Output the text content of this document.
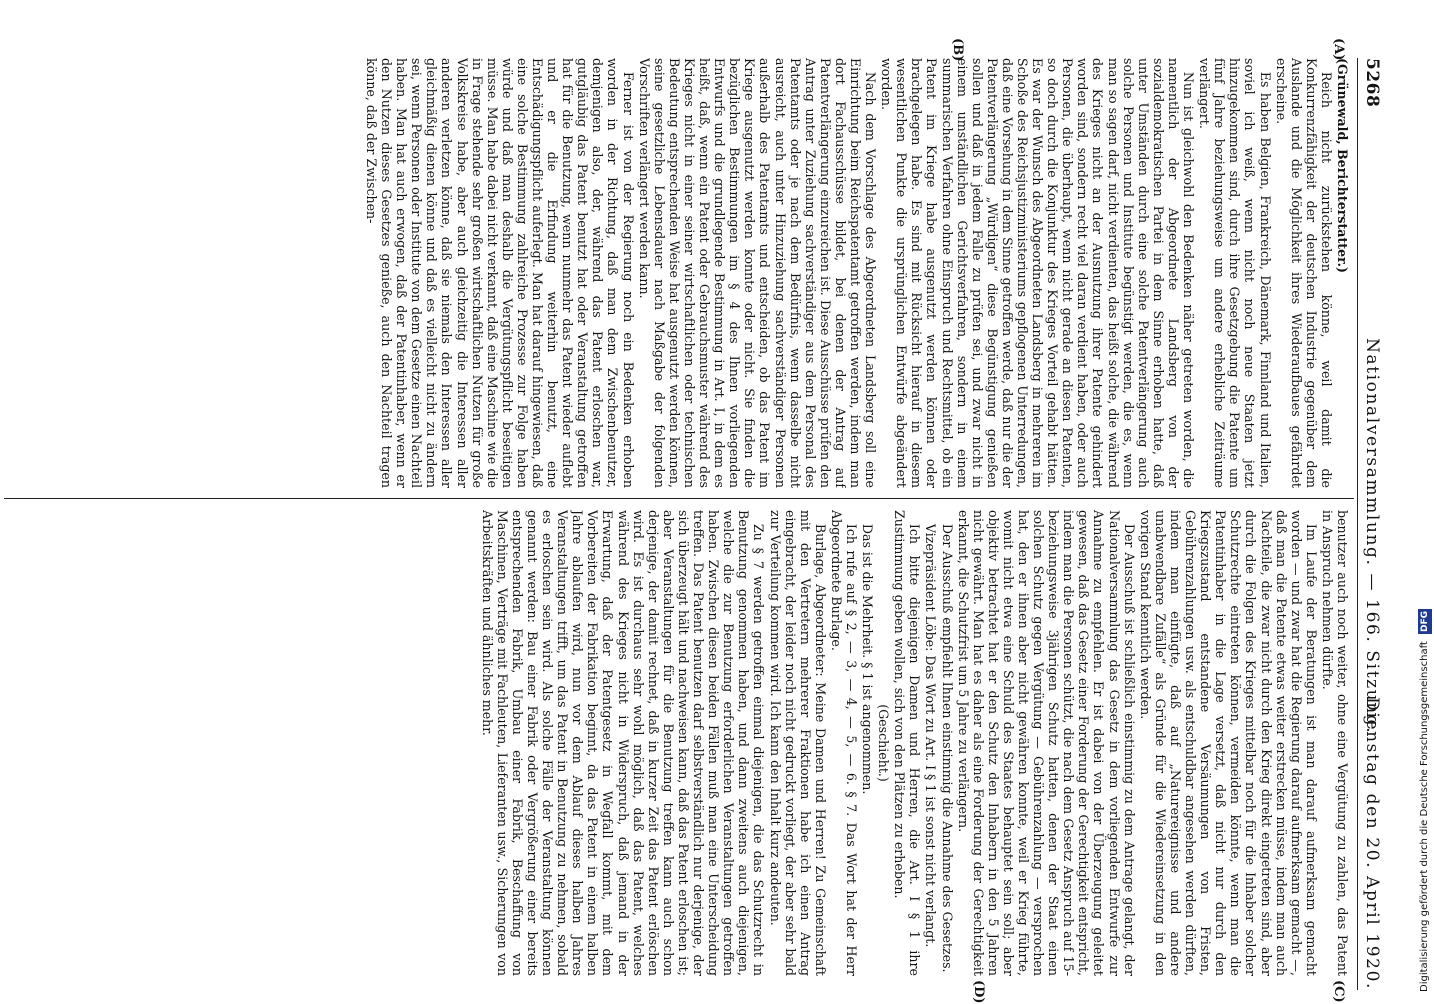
5268
Nationalversammlung. — 166. Sitzung.
Dienstag den 20. April 1920.
(A)
(B)
(C)
(D)

(Grünewald, Berichterstatter.)

Reich nicht zurückstehen könne, weil damit die Konkurrenzfähigkeit der deutschen Industrie gegenüber dem Auslande und die Möglichkeit ihres Wiederaufbaues gefährdet erscheine.

Es haben Belgien, Frankreich, Dänemark, Finnland und Italien, soviel ich weiß, wenn nicht noch neue Staaten jetzt hinzugekommen sind, durch ihre Gesetzgebung die Patente um fünf Jahre beziehungsweise um andere erhebliche Zeiträume verlängert.

Nun ist gleichwohl den Bedenken näher getreten worden, die namentlich der Abgeordnete Landsberg von der sozialdemokratischen Partei in dem Sinne erhoben hatte, daß unter Umständen durch eine solche Patentverlängerung auch solche Personen und Institute begünstigt werden, die es, wenn man so sagen darf, nicht verdienten, das heißt solche, die während des Krieges nicht an der Ausnutzung ihrer Patente gehindert worden sind, sondern recht viel daran verdient haben, oder auch Personen, die überhaupt, wenn nicht gerade an diesen Patenten, so doch durch die Konjunktur des Krieges Vorteil gehabt hätten. Es war der Wunsch des Abgeordneten Landsberg in mehreren im Schoße des Reichsjustizministeriums gepflogenen Unterredungen, daß eine Vorsehung in dem Sinne getroffen werde, daß nur die der Patentverlängerung „Würdigen“ diese Begünstigung genießen sollen und daß in jedem Falle zu prüfen sei, und zwar nicht in einem umständlichen Gerichtsverfahren, sondern in einem summarischen Verfahren ohne Einspruch und Rechtsmittel, ob ein Patent im Kriege habe ausgenutzt werden können oder brachgelegen habe. Es sind mit Rücksicht hierauf in diesem wesentlichen Punkte die ursprünglichen Entwürfe abgeändert worden.

Nach dem Vorschlage des Abgeordneten Landsberg soll eine Einrichtung beim Reichspatentamt getroffen werden, indem man dort Fachausschüsse bildet, bei denen der Antrag auf Patentverlängerung einzureichen ist. Diese Ausschüsse prüfen den Antrag unter Zuziehung sachverständiger aus dem Personal des Patentamts oder je nach dem Bedürfnis, wenn dasselbe nicht ausreicht, auch unter Hinzuziehung sachverständiger Personen außerhalb des Patentamts und entscheiden, ob das Patent im Kriege ausgenutzt werden konnte oder nicht. Sie finden die bezüglichen Bestimmungen im § 4 des Ihnen vorliegenden Entwurfs und die grundlegende Bestimmung in Art. I, in dem es heißt, daß, wenn ein Patent oder Gebrauchsmuster während des Krieges nicht in einer seiner wirtschaftlichen oder technischen Bedeutung entsprechenden Weise hat ausgenutzt werden können, seine gesetzliche Lebensdauer nach Maßgabe der folgenden Vorschriften verlängert werden kann.

Ferner ist von der Regierung noch ein Bedenken erhoben worden in der Richtung, daß man dem Zwischenbenutzer, demjenigen also, der, während das Patent erloschen war, gutgläubig das Patent benutzt hat oder Veranstaltung getroffen hat für die Benutzung, wenn nunmehr das Patent wieder auflebt und er die Erfindung weiterhin benutzt, eine Entschädigungspflicht auferlegt. Man hat darauf hingewiesen, daß eine solche Bestimmung zahlreiche Prozesse zur Folge haben würde und daß man deshalb die Vergütungspflicht beseitigen müsse. Man habe dabei nicht verkannt, daß eine Maschine wie die in Frage stehende sehr großen wirtschaftlichen Nutzen für große Volkskreise habe, aber auch gleichzeitig die Interessen aller anderen verletzen könne, daß sie niemals den Interessen aller gleichmäßig dienen könne und daß es vielleicht nicht zu ändern sei, wenn Personen oder Institute von dem Gesetze einen Nachteil haben. Man hat auch erwogen, daß der Patentinhaber, wenn er den Nutzen dieses Gesetzes genieße, auch den Nachteil tragen könne, daß der Zwischen-

benutzer auch noch weiter, ohne eine Vergütung zu zahlen, das Patent in Anspruch nehmen dürfte.

Im Laufe der Beratungen ist man darauf aufmerksam gemacht worden — und zwar hat die Regierung darauf aufmerksam gemacht —, daß man die Patente etwas weiter erstrecken müsse, indem man auch Nachteile, die zwar nicht durch den Krieg direkt eingetreten sind, aber durch die Folgen des Krieges mittelbar noch für die Inhaber solcher Schutzrechte eintreten können, vermeiden könnte, wenn man die Patentinhaber in die Lage versetzt, daß nicht nur durch den Kriegszustand entstandene Versäumungen von Fristen, Gebührenzahlungen usw. als entschuldbar angesehen werden dürften, indem man einfügte, daß auf „Naturereignisse und andere unabwendbare Zufälle“ als Gründe für die Wiedereinsetzung in den vorigen Stand kenntlich werden.

Der Ausschuß ist schließlich einstimmig zu dem Antrage gelangt, der Nationalversammlung das Gesetz in dem vorliegenden Entwurfe zur Annahme zu empfehlen. Er ist dabei von der Überzeugung geleitet gewesen, daß das Gesetz einer Forderung der Gerechtigkeit entspricht, indem man die Personen schützt, die nach dem Gesetz Anspruch auf 15- beziehungsweise 3jährigen Schutz hatten, denen der Staat einen solchen Schutz gegen Vergütung — Gebührenzahlung — versprochen hat, den er ihnen aber nicht gewähren konnte, weil er Krieg führte, womit nicht etwa eine Schuld des Staates behauptet sein soll; aber objektiv betrachtet hat er den Schutz den Inhabern in den 5 Jahren nicht gewährt. Man hat es daher als eine Forderung der Gerechtigkeit erkannt, die Schutzfrist um 5 Jahre zu verlängern.

Der Ausschuß empfiehlt Ihnen einstimmig die Annahme des Gesetzes.

Vizepräsident Löbe: Das Wort zu Art. I § 1 ist sonst nicht verlangt.

Ich bitte diejenigen Damen und Herren, die Art. I § 1 ihre Zustimmung geben wollen, sich von den Plätzen zu erheben.

(Geschieht.)

Das ist die Mehrheit. § 1 ist angenommen.

Ich rufe auf § 2, — 3, — 4, — 5, — 6. § 7. Das Wort hat der Herr Abgeordnete Burlage.

Burlage, Abgeordneter: Meine Damen und Herren! Zu Gemeinschaft mit den Vertretern mehrerer Fraktionen habe ich einen Antrag eingebracht, der leider noch nicht gedruckt vorliegt, der aber sehr bald zur Verteilung kommen wird. Ich kann den Inhalt kurz andeuten.

Zu § 7 werden getroffen einmal diejenigen, die das Schutzrecht in Benutzung genommen haben, und dann zweitens auch diejenigen, welche die zur Benutzung erforderlichen Veranstaltungen getroffen haben. Zwischen diesen beiden Fällen muß man eine Unterscheidung treffen. Das Patent benutzen darf selbstverständlich nur derjenige, der sich überzeugt hält und nachweisen kann, daß das Patent erloschen ist; aber Veranstaltungen für die Benutzung treffen kann auch schon derjenige, der damit rechnet, daß in kurzer Zeit das Patent erlöschen wird. Es ist durchaus sehr wohl möglich, daß das Patent, welches während des Krieges nicht in Widerspruch, daß jemand in der Erwartung, daß der Patentgesetz in Wegfall kommt, mit dem Vorbereiten der Fabrikation beginnt, da das Patent in einem halben Jahre ablaufen wird, nun vor dem Ablauf dieses halben Jahres Veranstaltungen trifft, um das Patent in Benutzung zu nehmen, sobald es erloschen sein wird. Als solche Fälle der Veranstaltung können genannt werden: Bau einer Fabrik oder Vergrößerung einer bereits entsprechenden Fabrik, Umbau einer Fabrik, Beschaffung von Maschinen, Verträge mit Fachleuten, Lieferanten usw., Sicherungen von Arbeitskräften und ähnliches mehr.

Digitalisierung gefördert durch die Deutsche Forschungsgemeinschaft DFG
